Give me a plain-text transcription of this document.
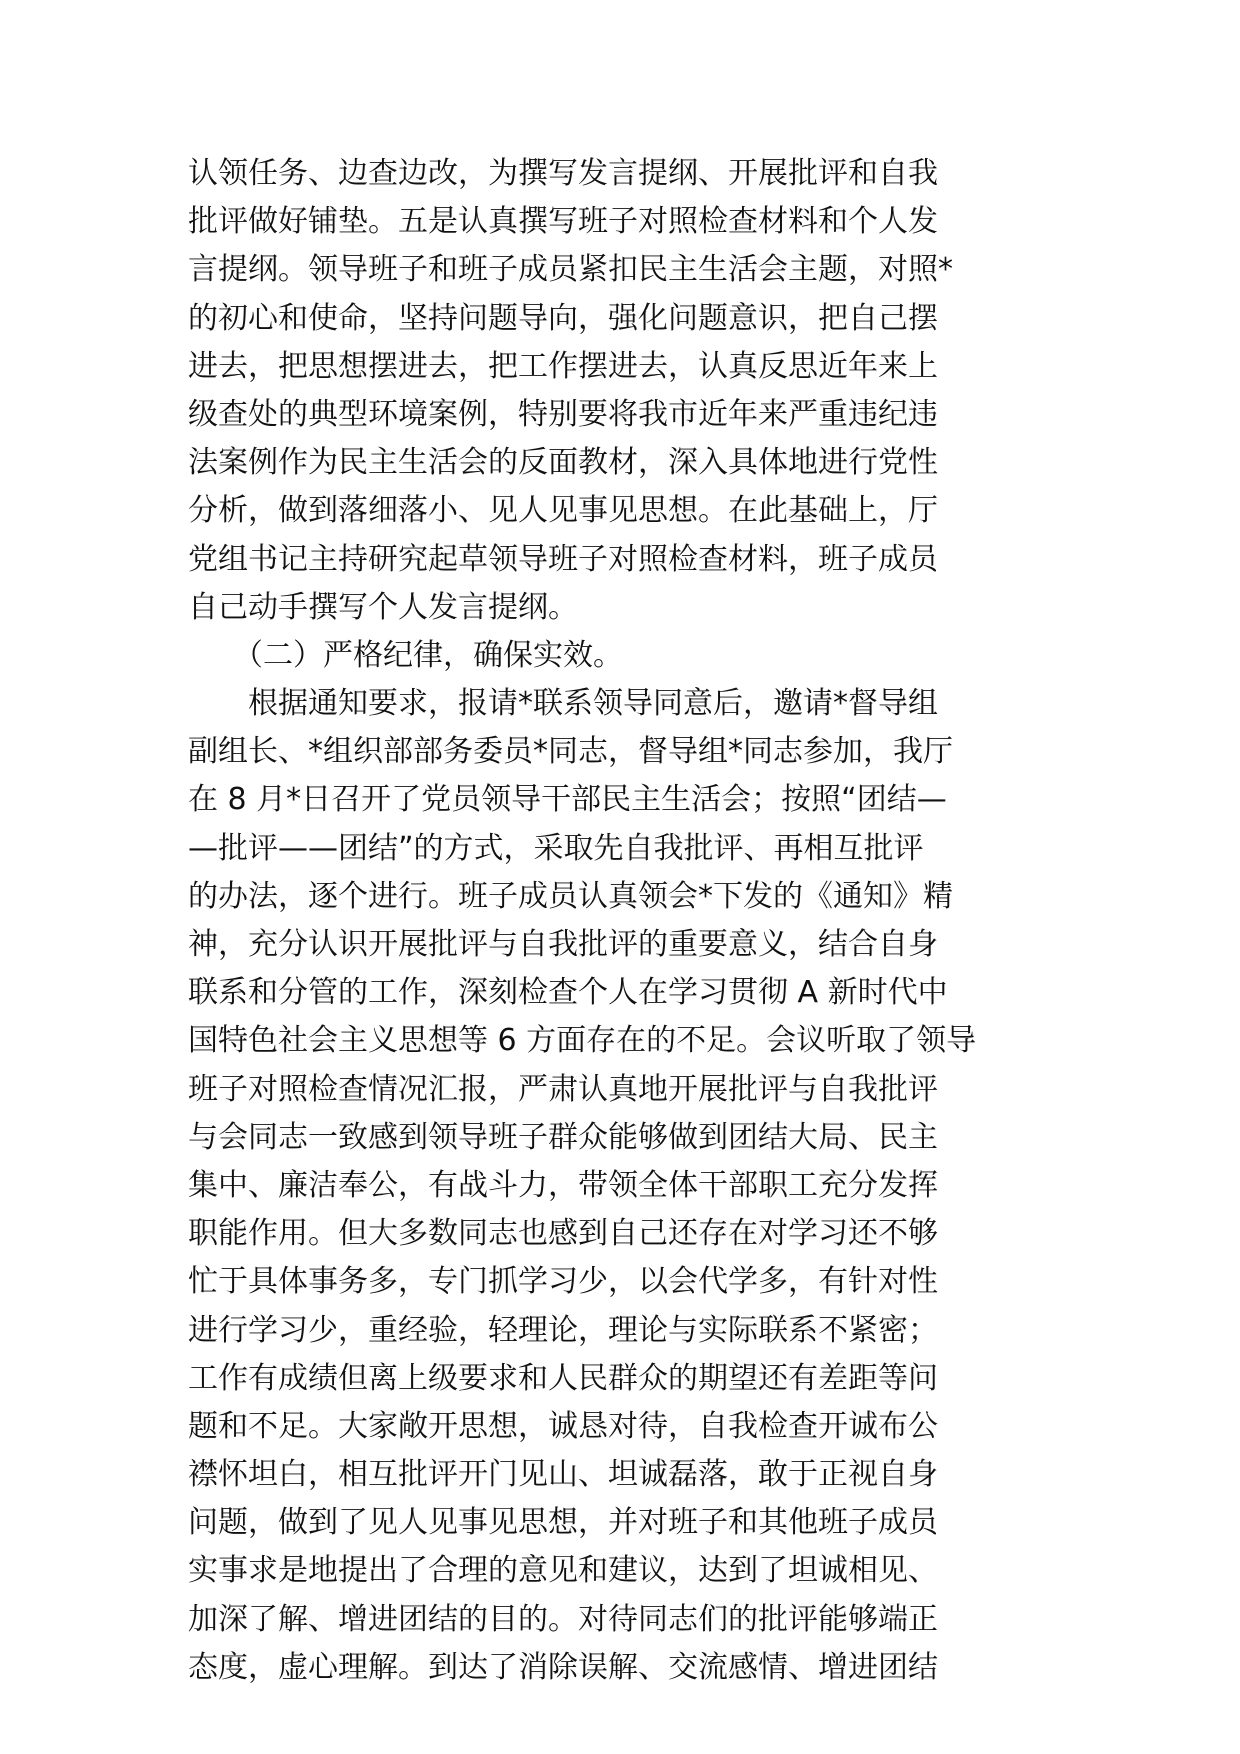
认领任务、边查边改，为撰写发言提纲、开展批评和自我
批评做好铺垫。五是认真撰写班子对照检查材料和个人发
言提纲。领导班子和班子成员紧扣民主生活会主题，对照*
的初心和使命，坚持问题导向，强化问题意识，把自己摆
进去，把思想摆进去，把工作摆进去，认真反思近年来上
级查处的典型环境案例，特别要将我市近年来严重违纪违
法案例作为民主生活会的反面教材，深入具体地进行党性
分析，做到落细落小、见人见事见思想。在此基础上，厅
党组书记主持研究起草领导班子对照检查材料，班子成员
自己动手撰写个人发言提纲。
　　（二）严格纪律，确保实效。
　　根据通知要求，报请*联系领导同意后，邀请*督导组
副组长、*组织部部务委员*同志，督导组*同志参加，我厅
在 8 月*日召开了党员领导干部民主生活会；按照“团结—
—批评——团结”的方式，采取先自我批评、再相互批评
的办法，逐个进行。班子成员认真领会*下发的《通知》精
神，充分认识开展批评与自我批评的重要意义，结合自身
联系和分管的工作，深刻检查个人在学习贯彻 A 新时代中
国特色社会主义思想等 6 方面存在的不足。会议听取了领导
班子对照检查情况汇报，严肃认真地开展批评与自我批评
与会同志一致感到领导班子群众能够做到团结大局、民主
集中、廉洁奉公，有战斗力，带领全体干部职工充分发挥
职能作用。但大多数同志也感到自己还存在对学习还不够
忙于具体事务多，专门抓学习少，以会代学多，有针对性
进行学习少，重经验，轻理论，理论与实际联系不紧密；
工作有成绩但离上级要求和人民群众的期望还有差距等问
题和不足。大家敞开思想，诚恳对待，自我检查开诚布公
襟怀坦白，相互批评开门见山、坦诚磊落，敢于正视自身
问题，做到了见人见事见思想，并对班子和其他班子成员
实事求是地提出了合理的意见和建议，达到了坦诚相见、
加深了解、增进团结的目的。对待同志们的批评能够端正
态度，虚心理解。到达了消除误解、交流感情、增进团结
